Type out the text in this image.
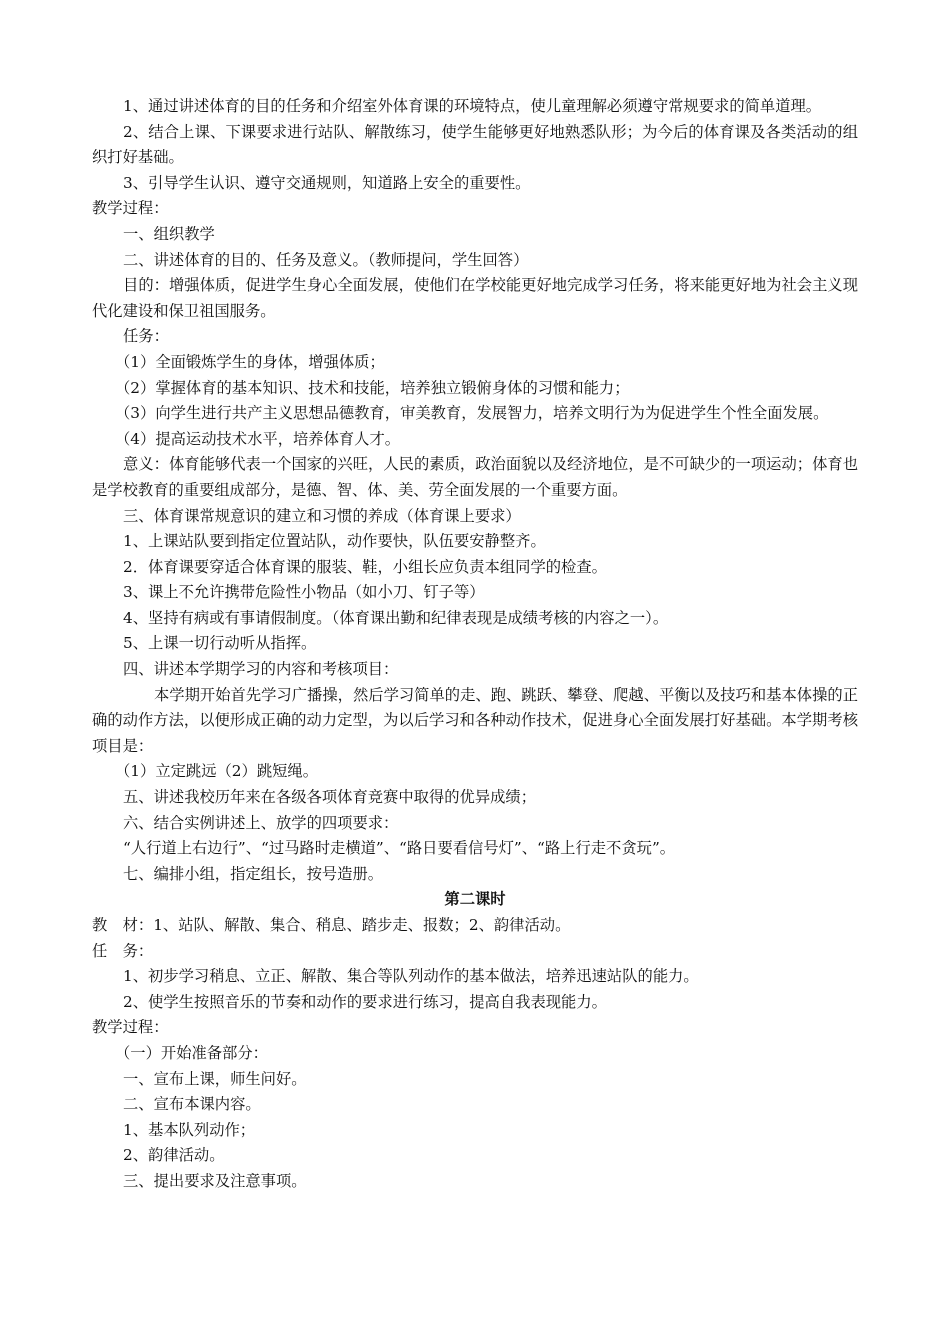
1、通过讲述体育的目的任务和介绍室外体育课的环境特点，使儿童理解必须遵守常规要求的简单道理。

2、结合上课、下课要求进行站队、解散练习，使学生能够更好地熟悉队形；为今后的体育课及各类活动的组织打好基础。

3、引导学生认识、遵守交通规则，知道路上安全的重要性。

教学过程：

一、组织教学

二、讲述体育的目的、任务及意义。（教师提问，学生回答）

目的：增强体质，促进学生身心全面发展，使他们在学校能更好地完成学习任务，将来能更好地为社会主义现代化建设和保卫祖国服务。

任务：

（1）全面锻炼学生的身体，增强体质；

（2）掌握体育的基本知识、技术和技能，培养独立锻俯身体的习惯和能力；

（3）向学生进行共产主义思想品德教育，审美教育，发展智力，培养文明行为为促进学生个性全面发展。

（4）提高运动技术水平，培养体育人才。

意义：体育能够代表一个国家的兴旺，人民的素质，政治面貌以及经济地位，是不可缺少的一项运动；体育也是学校教育的重要组成部分，是德、智、体、美、劳全面发展的一个重要方面。

三、体育课常规意识的建立和习惯的养成（体育课上要求）

1、上课站队要到指定位置站队，动作要快，队伍要安静整齐。

2．体育课要穿适合体育课的服装、鞋，小组长应负责本组同学的检查。

3、课上不允许携带危险性小物品（如小刀、钉子等）

4、坚持有病或有事请假制度。（体育课出勤和纪律表现是成绩考核的内容之一）。

5、上课一切行动听从指挥。

四、讲述本学期学习的内容和考核项目：

本学期开始首先学习广播操，然后学习简单的走、跑、跳跃、攀登、爬越、平衡以及技巧和基本体操的正确的动作方法，以便形成正确的动力定型，为以后学习和各种动作技术，促进身心全面发展打好基础。本学期考核项目是：

（1）立定跳远（2）跳短绳。

五、讲述我校历年来在各级各项体育竞赛中取得的优异成绩；

六、结合实例讲述上、放学的四项要求：

“人行道上右边行”、“过马路时走横道”、“路日要看信号灯”、“路上行走不贪玩”。

七、编排小组，指定组长，按号造册。

第二课时

教　材：1、站队、解散、集合、稍息、踏步走、报数；2、韵律活动。

任　务：

1、初步学习稍息、立正、解散、集合等队列动作的基本做法，培养迅速站队的能力。

2、使学生按照音乐的节奏和动作的要求进行练习，提高自我表现能力。

教学过程：

（一）开始准备部分：

一、宣布上课，师生问好。

二、宣布本课内容。

1、基本队列动作；

2、韵律活动。

三、提出要求及注意事项。
